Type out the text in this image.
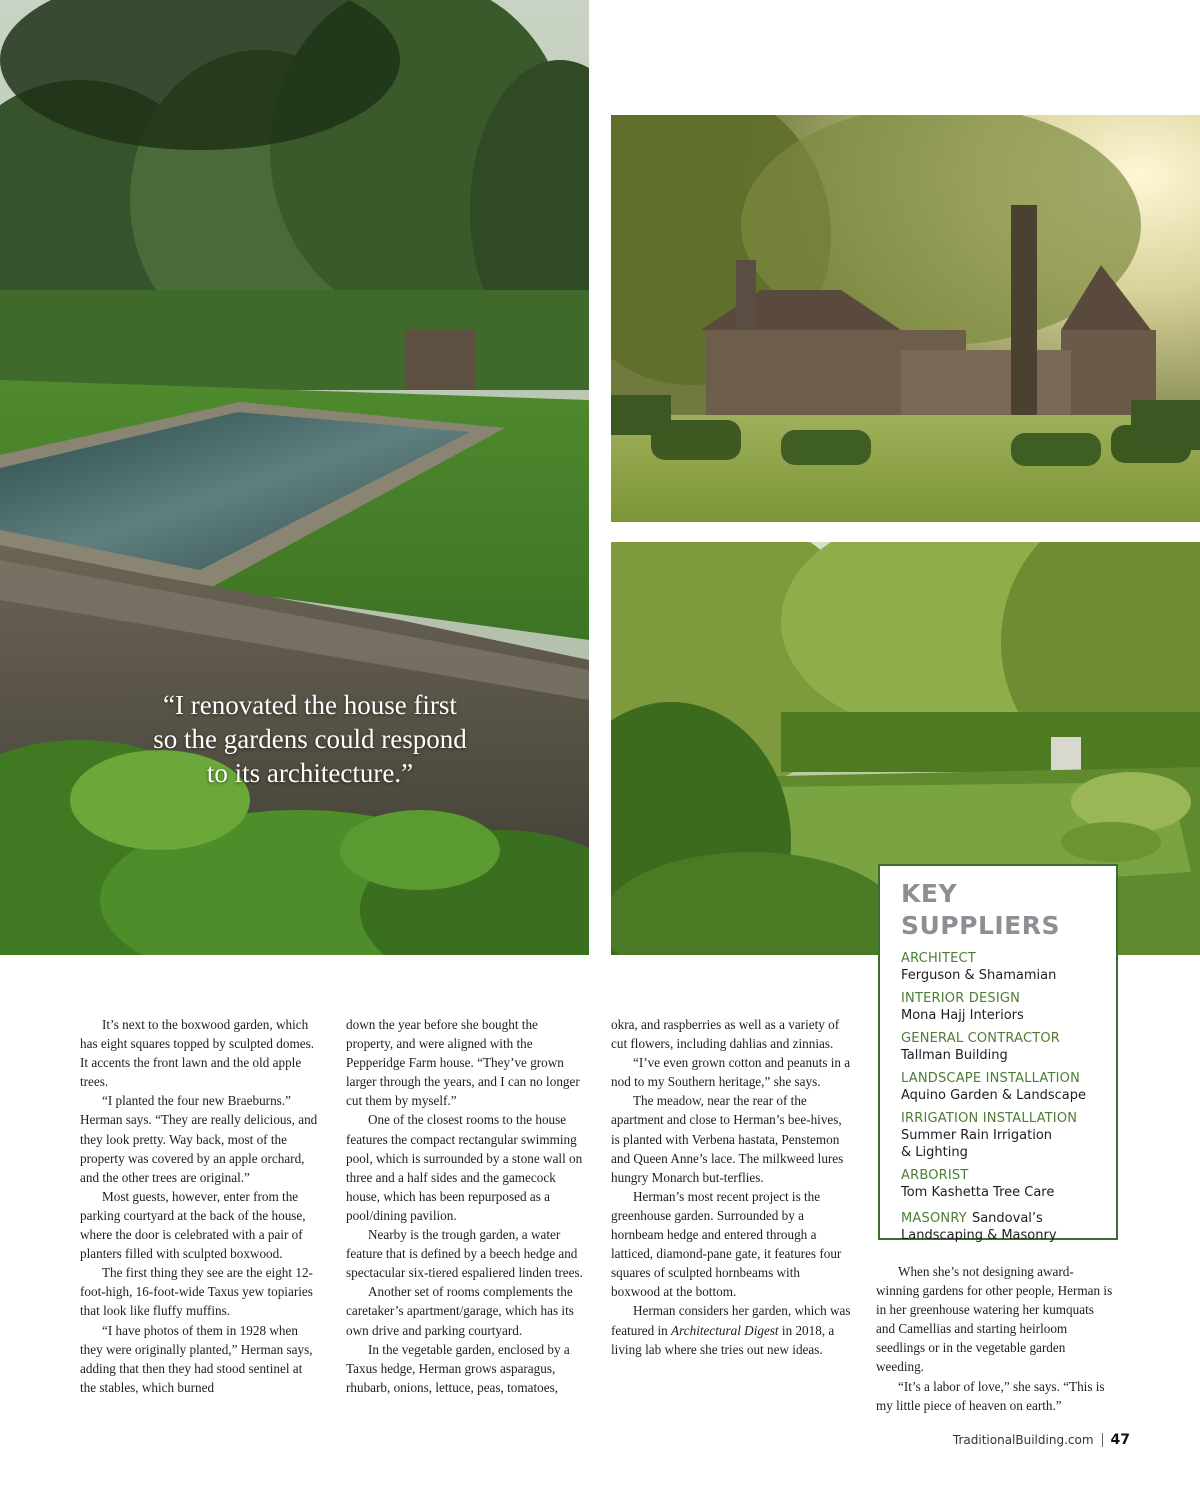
“I renovated the house first
so the gardens could respond
to its architecture.”
KEY SUPPLIERS
ARCHITECT
Ferguson & Shamamian
INTERIOR DESIGN
Mona Hajj Interiors
GENERAL CONTRACTOR
Tallman Building
LANDSCAPE INSTALLATION
Aquino Garden & Landscape
IRRIGATION INSTALLATION
Summer Rain Irrigation
& Lighting
ARBORIST
Tom Kashetta Tree Care
MASONRY Sandoval’s
Landscaping & Masonry

It’s next to the boxwood garden, which has eight squares topped by sculpted domes. It accents the front lawn and the old apple trees.

“I planted the four new Braeburns.” Herman says. “They are really delicious, and they look pretty. Way back, most of the property was covered by an apple orchard, and the other trees are original.”

Most guests, however, enter from the parking courtyard at the back of the house, where the door is celebrated with a pair of planters filled with sculpted boxwood.

The first thing they see are the eight 12-foot-high, 16-foot-wide Taxus yew topiaries that look like fluffy muffins.

“I have photos of them in 1928 when they were originally planted,” Herman says, adding that then they had stood sentinel at the stables, which burned

down the year before she bought the property, and were aligned with the Pepperidge Farm house. “They’ve grown larger through the years, and I can no longer cut them by myself.”

One of the closest rooms to the house features the compact rectangular swimming pool, which is surrounded by a stone wall on three and a half sides and the gamecock house, which has been repurposed as a pool/dining pavilion.

Nearby is the trough garden, a water feature that is defined by a beech hedge and spectacular six-tiered espaliered linden trees.

Another set of rooms complements the caretaker’s apartment/garage, which has its own drive and parking courtyard.

In the vegetable garden, enclosed by a Taxus hedge, Herman grows asparagus, rhubarb, onions, lettuce, peas, tomatoes,

okra, and raspberries as well as a variety of cut flowers, including dahlias and zinnias.

“I’ve even grown cotton and peanuts in a nod to my Southern heritage,” she says.

The meadow, near the rear of the apartment and close to Herman’s bee-hives, is planted with Verbena hastata, Penstemon and Queen Anne’s lace. The milkweed lures hungry Monarch but-terflies.

Herman’s most recent project is the greenhouse garden. Surrounded by a hornbeam hedge and entered through a latticed, diamond-pane gate, it features four squares of sculpted hornbeams with boxwood at the bottom.

Herman considers her garden, which was featured in Architectural Digest in 2018, a living lab where she tries out new ideas.

When she’s not designing award-winning gardens for other people, Herman is in her greenhouse watering her kumquats and Camellias and starting heirloom seedlings or in the vegetable garden weeding.

“It’s a labor of love,” she says. “This is my little piece of heaven on earth.”

TraditionalBuilding.com 47
